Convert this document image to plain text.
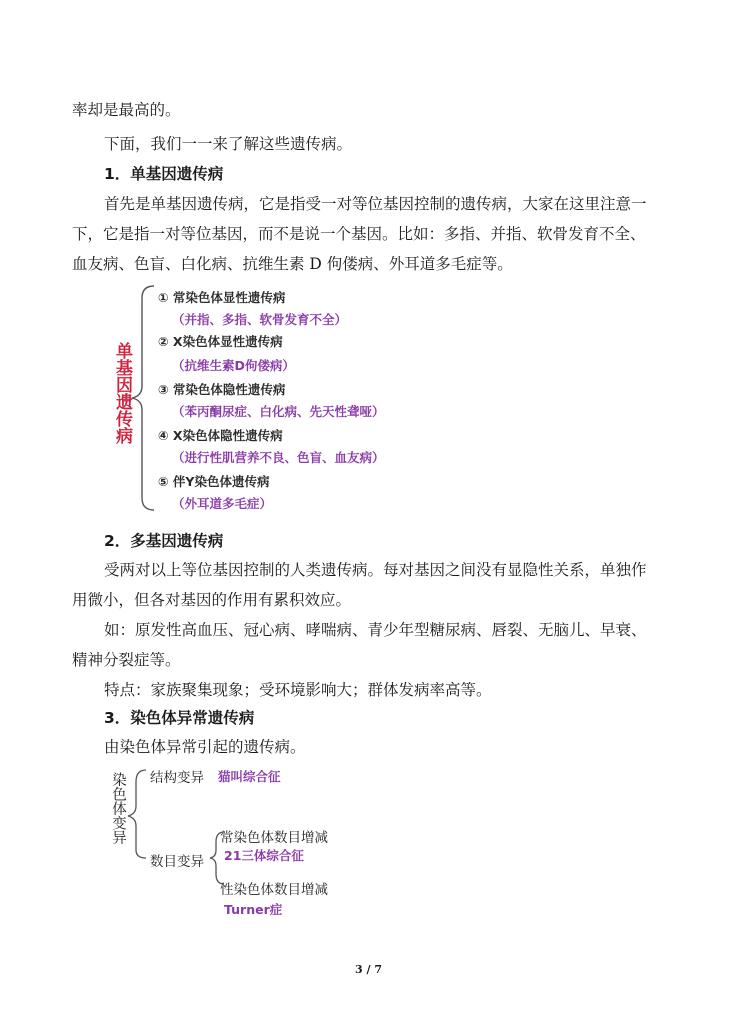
率却是最高的。
下面，我们一一来了解这些遗传病。
1．单基因遗传病
首先是单基因遗传病，它是指受一对等位基因控制的遗传病，大家在这里注意一
下，它是指一对等位基因，而不是说一个基因。比如：多指、并指、软骨发育不全、
血友病、色盲、白化病、抗维生素 D 佝偻病、外耳道多毛症等。
单基因遗传病
① 常染色体显性遗传病
（并指、多指、软骨发育不全）
② X染色体显性遗传病
（抗维生素D佝偻病）
③ 常染色体隐性遗传病
（苯丙酮尿症、白化病、先天性聋哑）
④ X染色体隐性遗传病
（进行性肌营养不良、色盲、血友病）
⑤ 伴Y染色体遗传病
（外耳道多毛症）
2．多基因遗传病
受两对以上等位基因控制的人类遗传病。每对基因之间没有显隐性关系，单独作
用微小，但各对基因的作用有累积效应。
如：原发性高血压、冠心病、哮喘病、青少年型糖尿病、唇裂、无脑儿、早衰、
精神分裂症等。
特点：家族聚集现象；受环境影响大；群体发病率高等。
3．染色体异常遗传病
由染色体异常引起的遗传病。
染色体变异 结构变异 猫叫综合征
数目变异
常染色体数目增减
21三体综合征
性染色体数目增减
Turner症
3 / 7
